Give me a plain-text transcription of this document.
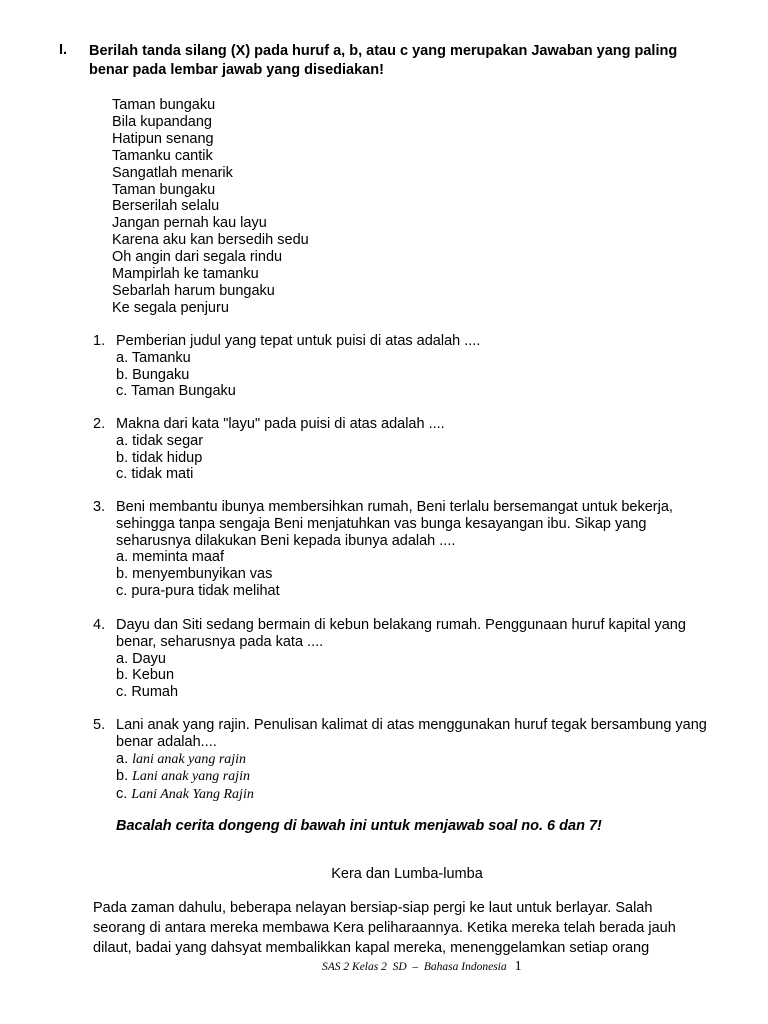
I. Berilah tanda silang (X) pada huruf a, b, atau c yang merupakan Jawaban yang paling benar pada lembar jawab yang disediakan!
Taman bungaku
Bila kupandang
Hatipun senang
Tamanku cantik
Sangatlah menarik
Taman bungaku
Berserilah selalu
Jangan pernah kau layu
Karena aku kan bersedih sedu
Oh angin dari segala rindu
Mampirlah ke tamanku
Sebarlah harum bungaku
Ke segala penjuru
1. Pemberian judul yang tepat untuk puisi di atas adalah ....
a. Tamanku
b. Bungaku
c. Taman Bungaku
2. Makna dari kata "layu" pada puisi di atas adalah ....
a. tidak segar
b. tidak hidup
c. tidak mati
3. Beni membantu ibunya membersihkan rumah, Beni terlalu bersemangat untuk bekerja, sehingga tanpa sengaja Beni menjatuhkan vas bunga kesayangan ibu. Sikap yang seharusnya dilakukan Beni kepada ibunya adalah ....
a. meminta maaf
b. menyembunyikan vas
c. pura-pura tidak melihat
4. Dayu dan Siti sedang bermain di kebun belakang rumah. Penggunaan huruf kapital yang benar, seharusnya pada kata ....
a. Dayu
b. Kebun
c. Rumah
5. Lani anak yang rajin. Penulisan kalimat di atas menggunakan huruf tegak bersambung yang benar adalah....
a. lani anak yang rajin
b. Lani anak yang rajin
c. Lani Anak Yang Rajin
Bacalah cerita dongeng di bawah ini untuk menjawab soal no. 6 dan 7!
Kera dan Lumba-lumba
Pada zaman dahulu, beberapa nelayan bersiap-siap pergi ke laut untuk berlayar. Salah
seorang di antara mereka membawa Kera peliharaannya. Ketika mereka telah berada jauh
dilaut, badai yang dahsyat membalikkan kapal mereka, menenggelamkan setiap orang
SAS 2 Kelas 2  SD  –  Bahasa Indonesia 1
